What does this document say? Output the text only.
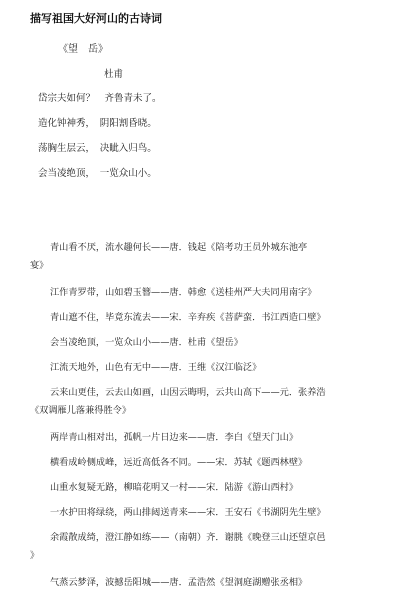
描写祖国大好河山的古诗词
《望　岳》
杜甫
岱宗夫如何？　齐鲁青未了。
造化钟神秀，　阴阳割昏晓。
荡胸生层云，　决眦入归鸟。
会当凌绝顶，　一览众山小。
青山看不厌，流水趣何长——唐．钱起《陪考功王员外城东池亭
宴》
江作青罗带，山如碧玉簪——唐．韩愈《送桂州严大夫同用南字》
青山遮不住，毕竟东流去——宋．辛弃疾《菩萨蛮．书江西造口壁》
会当凌绝顶，一览众山小——唐．杜甫《望岳》
江流天地外，山色有无中——唐．王维《汉江临泛》
云来山更佳，云去山如画，山因云晦明，云共山高下——元．张养浩
《双调雁儿落兼得胜令》
两岸青山相对出，孤帆一片日边来——唐．李白《望天门山》
横看成岭侧成峰，远近高低各不同。——宋．苏轼《题西林壁》
山重水复疑无路，柳暗花明又一村——宋．陆游《游山西村》
一水护田将绿绕，两山排闼送青来——宋．王安石《书湖阴先生壁》
余霞散成绮，澄江静如练——（南朝）齐．谢朓《晚登三山还望京邑
》
气蒸云梦泽，波撼岳阳城——唐．孟浩然《望洞庭湖赠张丞相》
